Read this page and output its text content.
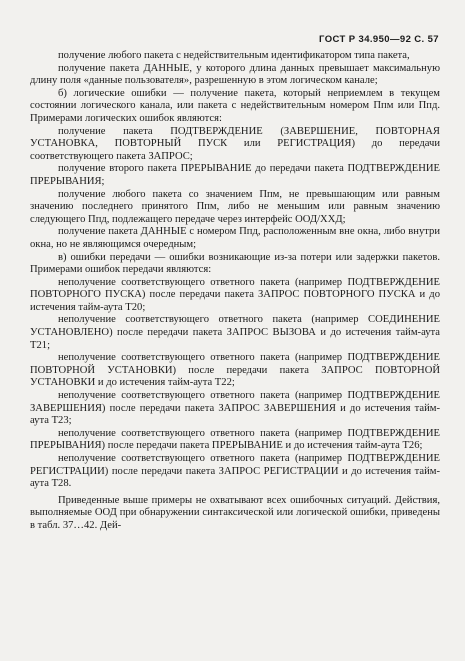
ГОСТ Р 34.950—92 С. 57

получение любого пакета с недействительным идентификатором типа пакета,

получение пакета ДАННЫЕ, у которого длина данных превышает максимальную длину поля «данные пользователя», разрешенную в этом логическом канале;

б) логические ошибки — получение пакета, который неприемлем в текущем состоянии логического канала, или пакета с недействительным номером Ппм или Ппд. Примерами логических ошибок являются:

получение пакета ПОДТВЕРЖДЕНИЕ (ЗАВЕРШЕНИЕ, ПОВТОРНАЯ УСТАНОВКА, ПОВТОРНЫЙ ПУСК или РЕГИСТРАЦИЯ) до передачи соответствующего пакета ЗАПРОС;

получение второго пакета ПРЕРЫВАНИЕ до передачи пакета ПОДТВЕРЖДЕНИЕ ПРЕРЫВАНИЯ;

получение любого пакета со значением Ппм, не превышающим или равным значению последнего принятого Ппм, либо не меньшим или равным значению следующего Ппд, подлежащего передаче через интерфейс ООД/ХХД;

получение пакета ДАННЫЕ с номером Ппд, расположенным вне окна, либо внутри окна, но не являющимся очередным;

в) ошибки передачи — ошибки возникающие из-за потери или задержки пакетов. Примерами ошибок передачи являются:

неполучение соответствующего ответного пакета (например ПОДТВЕРЖДЕНИЕ ПОВТОРНОГО ПУСКА) после передачи пакета ЗАПРОС ПОВТОРНОГО ПУСКА и до истечения тайм-аута Т20;

неполучение соответствующего ответного пакета (например СОЕДИНЕНИЕ УСТАНОВЛЕНО) после передачи пакета ЗАПРОС ВЫЗОВА и до истечения тайм-аута Т21;

неполучение соответствующего ответного пакета (например ПОДТВЕРЖДЕНИЕ ПОВТОРНОЙ УСТАНОВКИ) после передачи пакета ЗАПРОС ПОВТОРНОЙ УСТАНОВКИ и до истечения тайм-аута Т22;

неполучение соответствующего ответного пакета (например ПОДТВЕРЖДЕНИЕ ЗАВЕРШЕНИЯ) после передачи пакета ЗАПРОС ЗАВЕРШЕНИЯ и до истечения тайм-аута Т23;

неполучение соответствующего ответного пакета (например ПОДТВЕРЖДЕНИЕ ПРЕРЫВАНИЯ) после передачи пакета ПРЕРЫВАНИЕ и до истечения тайм-аута Т26;

неполучение соответствующего ответного пакета (например ПОДТВЕРЖДЕНИЕ РЕГИСТРАЦИИ) после передачи пакета ЗАПРОС РЕГИСТРАЦИИ и до истечения тайм-аута Т28.

Приведенные выше примеры не охватывают всех ошибочных ситуаций. Действия, выполняемые ООД при обнаружении синтаксической или логической ошибки, приведены в табл. 37…42. Дей-
